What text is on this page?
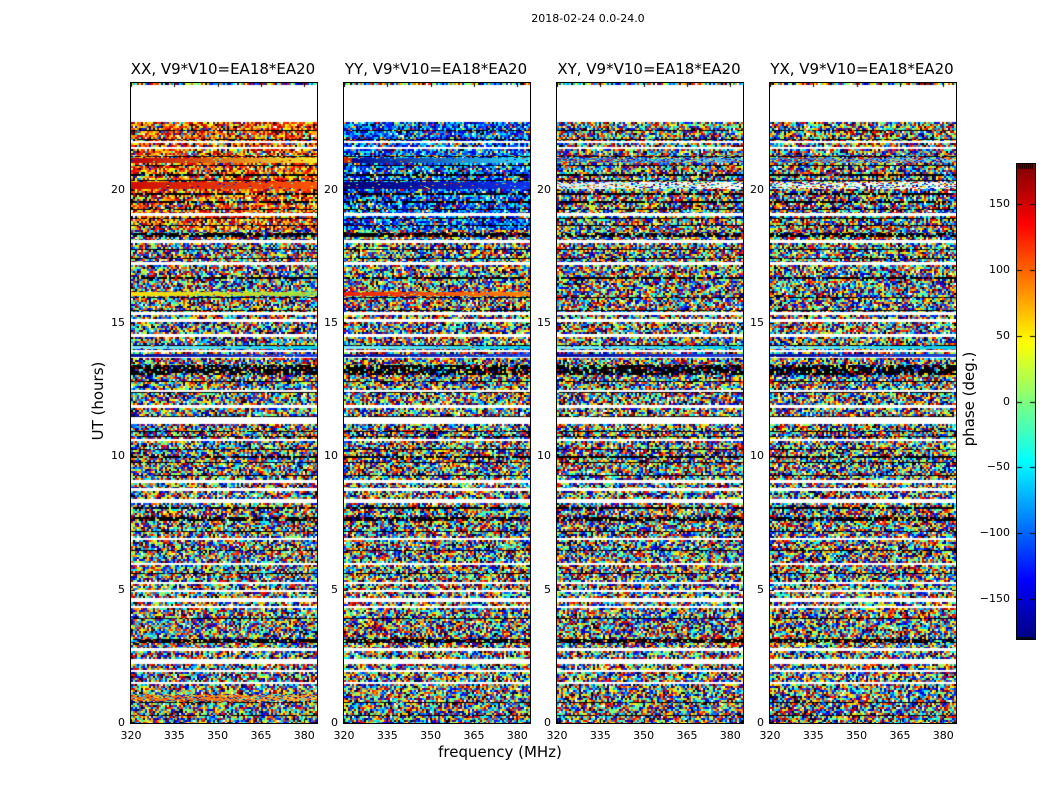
2018-02-24 0.0-24.0
XX, V9*V10=EA18*EA20
0
5
10
15
20
320	335	350	365	380
YY, V9*V10=EA18*EA20
0
5
10
15
20
320	335	350	365	380
XY, V9*V10=EA18*EA20
0
5
10
15
20
320	335	350	365	380
YX, V9*V10=EA18*EA20
0
5
10
15
20
320	335	350	365	380
UT (hours)
frequency (MHz)
150
100
50
0
−50
−100
−150
phase (deg.)
